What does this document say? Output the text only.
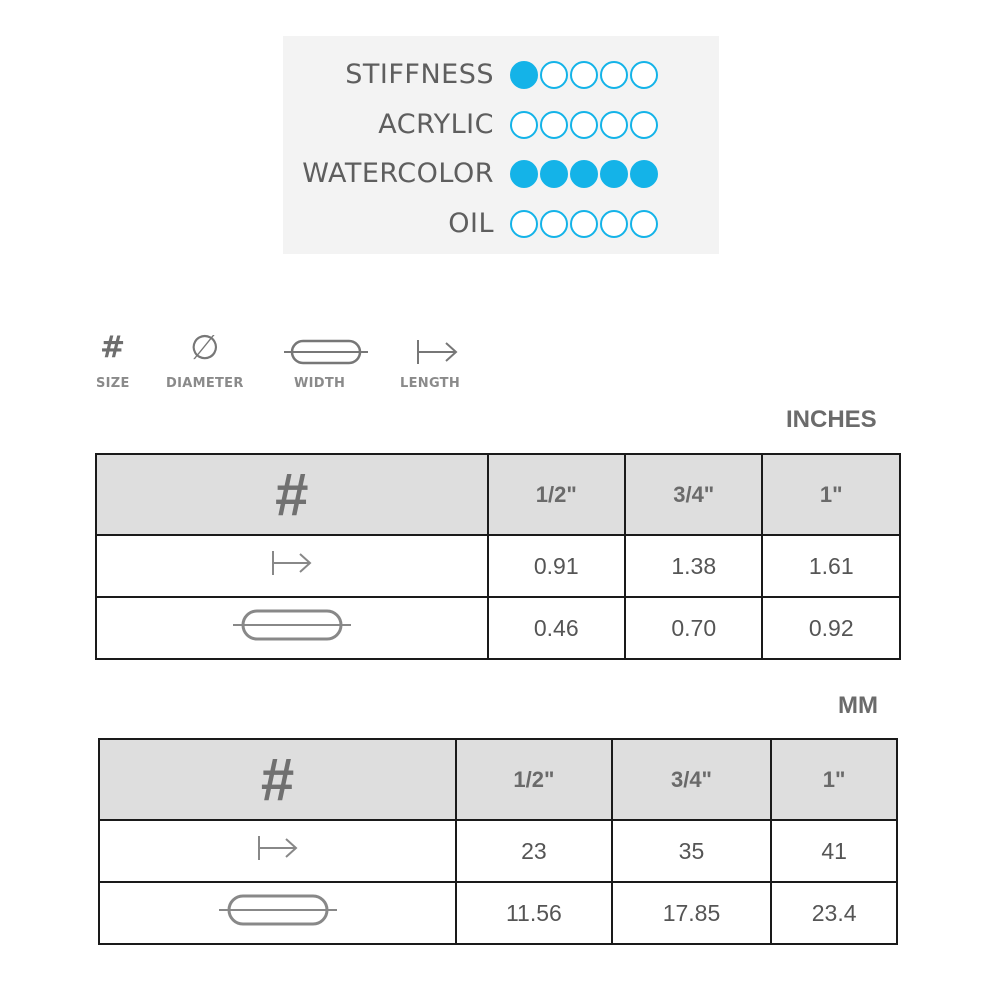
STIFFNESS
ACRYLIC
WATERCOLOR
OIL
#
SIZE
∅
DIAMETER	WIDTH	LENGTH
INCHES
#	1/2"	3/4"	1"
	0.91	1.38	1.61
	0.46	0.70	0.92
MM
#	1/2"	3/4"	1"
	23	35	41
	11.56	17.85	23.4
